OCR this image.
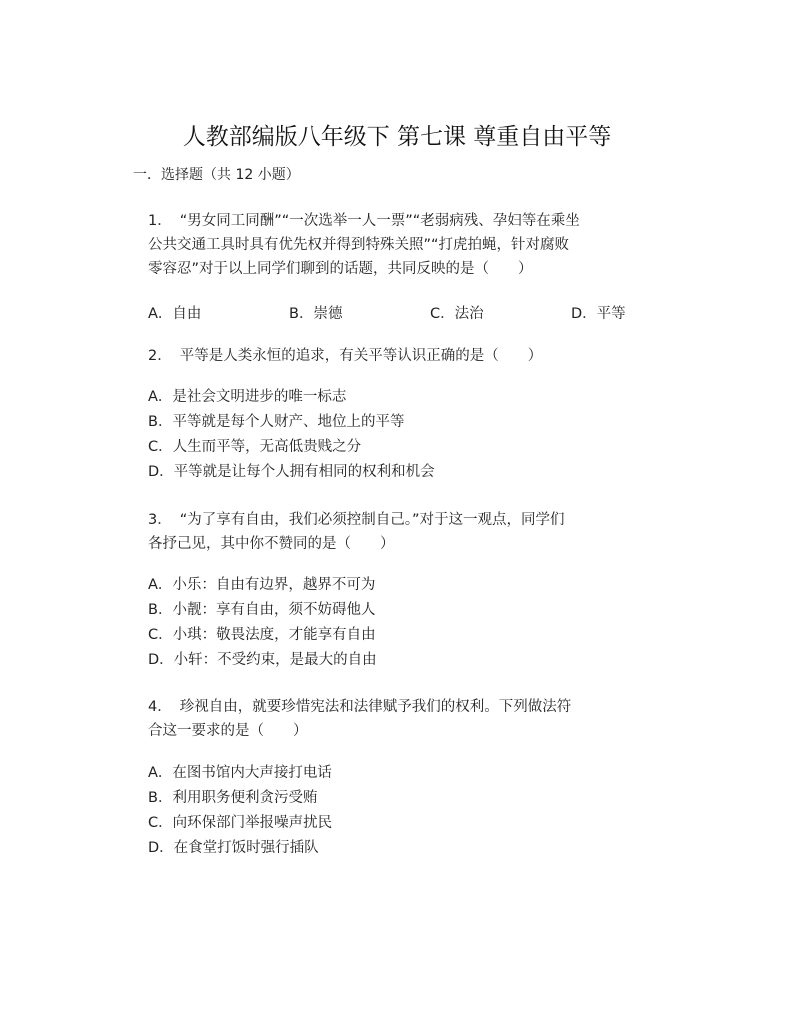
人教部编版八年级下 第七课 尊重自由平等
一．选择题（共 12 小题）

1． “男女同工同酬”“一次选举一人一票”“老弱病残、孕妇等在乘坐

公共交通工具时具有优先权并得到特殊关照”“打虎拍蝇，针对腐败

零容忍”对于以上同学们聊到的话题，共同反映的是（　　）

A．自由	B．崇德	C．法治	D．平等

2． 平等是人类永恒的追求，有关平等认识正确的是（　　）

A．是社会文明进步的唯一标志
B．平等就是每个人财产、地位上的平等
C．人生而平等，无高低贵贱之分
D．平等就是让每个人拥有相同的权利和机会

3． “为了享有自由，我们必须控制自己。”对于这一观点，同学们

各抒己见，其中你不赞同的是（　　）

A．小乐：自由有边界，越界不可为
B．小靓：享有自由，须不妨碍他人
C．小琪：敬畏法度，才能享有自由
D．小轩：不受约束，是最大的自由

4． 珍视自由，就要珍惜宪法和法律赋予我们的权利。下列做法符

合这一要求的是（　　）

A．在图书馆内大声接打电话
B．利用职务便利贪污受贿
C．向环保部门举报噪声扰民
D．在食堂打饭时强行插队
